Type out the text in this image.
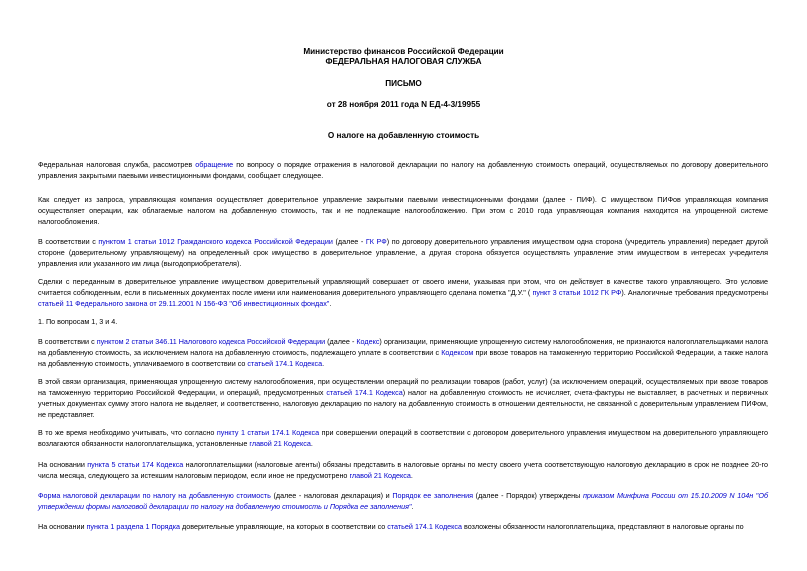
Министерство финансов Российской Федерации
ФЕДЕРАЛЬНАЯ НАЛОГОВАЯ СЛУЖБА
ПИСЬМО
от 28 ноября 2011 года N ЕД-4-3/19955
О налоге на добавленную стоимость
Федеральная налоговая служба, рассмотрев обращение по вопросу о порядке отражения в налоговой декларации по налогу на добавленную стоимость операций, осуществляемых по договору доверительного управления закрытыми паевыми инвестиционными фондами, сообщает следующее.
Как следует из запроса, управляющая компания осуществляет доверительное управление закрытыми паевыми инвестиционными фондами (далее - ПИФ). С имуществом ПИФов управляющая компания осуществляет операции, как облагаемые налогом на добавленную стоимость, так и не подлежащие налогообложению. При этом с 2010 года управляющая компания находится на упрощенной системе налогообложения.
В соответствии с пунктом 1 статьи 1012 Гражданского кодекса Российской Федерации (далее - ГК РФ) по договору доверительного управления имуществом одна сторона (учредитель управления) передает другой стороне (доверительному управляющему) на определенный срок имущество в доверительное управление, а другая сторона обязуется осуществлять управление этим имуществом в интересах учредителя управления или указанного им лица (выгодоприобретателя).
Сделки с переданным в доверительное управление имуществом доверительный управляющий совершает от своего имени, указывая при этом, что он действует в качестве такого управляющего. Это условие считается соблюденным, если в письменных документах после имени или наименования доверительного управляющего сделана пометка "Д.У." ( пункт 3 статьи 1012 ГК РФ). Аналогичные требования предусмотрены статьей 11 Федерального закона от 29.11.2001 N 156-ФЗ "Об инвестиционных фондах".
1. По вопросам 1, 3 и 4.
В соответствии с пунктом 2 статьи 346.11 Налогового кодекса Российской Федерации (далее - Кодекс) организации, применяющие упрощенную систему налогообложения, не признаются налогоплательщиками налога на добавленную стоимость, за исключением налога на добавленную стоимость, подлежащего уплате в соответствии с Кодексом при ввозе товаров на таможенную территорию Российской Федерации, а также налога на добавленную стоимость, уплачиваемого в соответствии со статьей 174.1 Кодекса.
В этой связи организация, применяющая упрощенную систему налогообложения, при осуществлении операций по реализации товаров (работ, услуг) (за исключением операций, осуществляемых при ввозе товаров на таможенную территорию Российской Федерации, и операций, предусмотренных статьей 174.1 Кодекса) налог на добавленную стоимость не исчисляет, счета-фактуры не выставляет, в расчетных и первичных учетных документах сумму этого налога не выделяет, и соответственно, налоговую декларацию по налогу на добавленную стоимость в отношении деятельности, не связанной с доверительным управлением ПИФом, не представляет.
В то же время необходимо учитывать, что согласно пункту 1 статьи 174.1 Кодекса при совершении операций в соответствии с договором доверительного управления имуществом на доверительного управляющего возлагаются обязанности налогоплательщика, установленные главой 21 Кодекса.
На основании пункта 5 статьи 174 Кодекса налогоплательщики (налоговые агенты) обязаны представить в налоговые органы по месту своего учета соответствующую налоговую декларацию в срок не позднее 20-го числа месяца, следующего за истекшим налоговым периодом, если иное не предусмотрено главой 21 Кодекса.
Форма налоговой декларации по налогу на добавленную стоимость (далее - налоговая декларация) и Порядок ее заполнения (далее - Порядок) утверждены приказом Минфина России от 15.10.2009 N 104н "Об утверждении формы налоговой декларации по налогу на добавленную стоимость и Порядка ее заполнения".
На основании пункта 1 раздела 1 Порядка доверительные управляющие, на которых в соответствии со статьей 174.1 Кодекса возложены обязанности налогоплательщика, представляют в налоговые органы по
